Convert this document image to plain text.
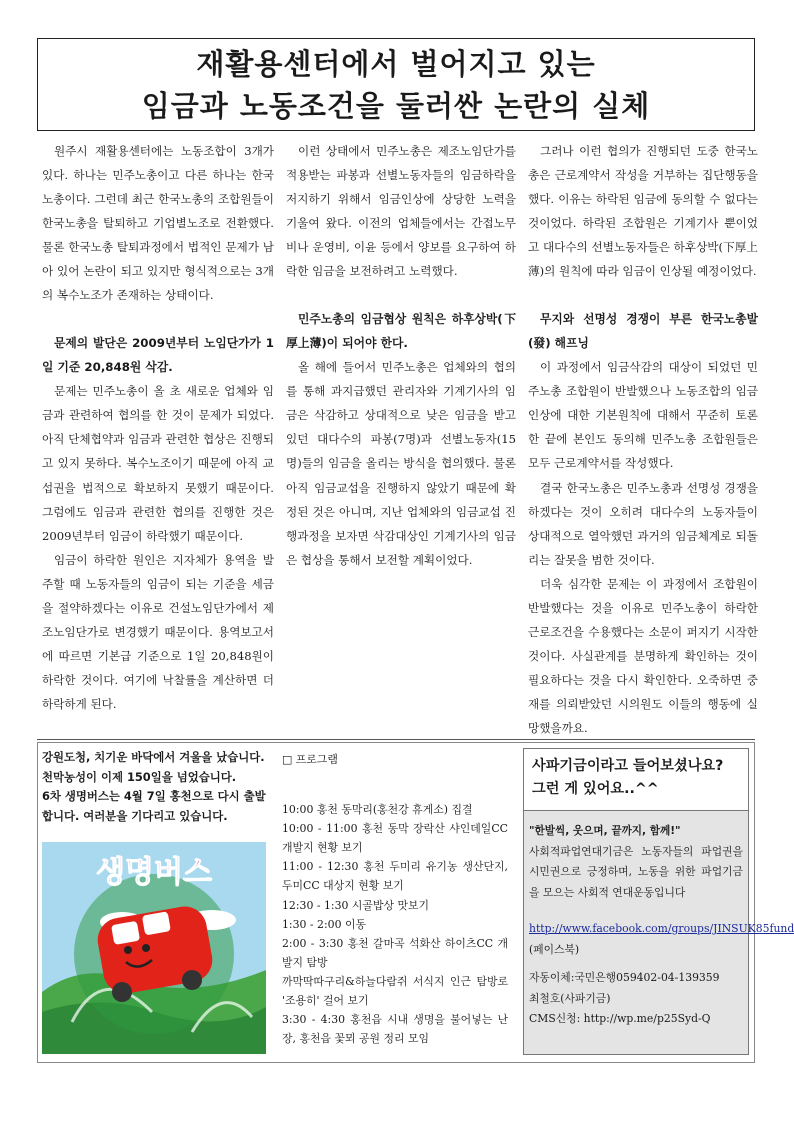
재활용센터에서 벌어지고 있는
임금과 노동조건을 둘러싼 논란의 실체

원주시 재활용센터에는 노동조합이 3개가 있다. 하나는 민주노총이고 다른 하나는 한국노총이다. 그런데 최근 한국노총의 조합원들이 한국노총을 탈퇴하고 기업별노조로 전환했다. 물론 한국노총 탈퇴과정에서 법적인 문제가 남아 있어 논란이 되고 있지만 형식적으로는 3개의 복수노조가 존재하는 상태이다.

문제의 발단은 2009년부터 노임단가가 1일 기준 20,848원 삭감.

문제는 민주노총이 올 초 새로운 업체와 임금과 관련하여 협의를 한 것이 문제가 되었다. 아직 단체협약과 임금과 관련한 협상은 진행되고 있지 못하다. 복수노조이기 때문에 아직 교섭권을 법적으로 확보하지 못했기 때문이다. 그럼에도 임금과 관련한 협의를 진행한 것은 2009년부터 임금이 하락했기 때문이다.

임금이 하락한 원인은 지자체가 용역을 발주할 때 노동자들의 임금이 되는 기준을 세금을 절약하겠다는 이유로 건설노임단가에서 제조노임단가로 변경했기 때문이다. 용역보고서에 따르면 기본급 기준으로 1일 20,848원이 하락한 것이다. 여기에 낙찰률을 계산하면 더 하락하게 된다.

이런 상태에서 민주노총은 제조노임단가를 적용받는 파봉과 선별노동자들의 임금하락을 저지하기 위해서 임금인상에 상당한 노력을 기울여 왔다. 이전의 업체들에서는 간접노무비나 운영비, 이윤 등에서 양보를 요구하여 하락한 임금을 보전하려고 노력했다.

민주노총의 임금협상 원칙은 하후상박(下厚上薄)이 되어야 한다.

올 해에 들어서 민주노총은 업체와의 협의를 통해 과지급했던 관리자와 기계기사의 임금은 삭감하고 상대적으로 낮은 임금을 받고 있던 대다수의 파봉(7명)과 선별노동자(15명)들의 임금을 올리는 방식을 협의했다. 물론 아직 임금교섭을 진행하지 않았기 때문에 확정된 것은 아니며, 지난 업체와의 임금교섭 진행과정을 보자면 삭감대상인 기계기사의 임금은 협상을 통해서 보전할 계획이었다.

그러나 이런 협의가 진행되던 도중 한국노총은 근로계약서 작성을 거부하는 집단행동을 했다. 이유는 하락된 임금에 동의할 수 없다는 것이었다. 하락된 조합원은 기계기사 뿐이었고 대다수의 선별노동자들은 하후상박(下厚上薄)의 원칙에 따라 임금이 인상될 예정이었다.

무지와 선명성 경쟁이 부른 한국노총발(發) 해프닝

이 과정에서 임금삭감의 대상이 되었던 민주노총 조합원이 반발했으나 노동조합의 임금인상에 대한 기본원칙에 대해서 꾸준히 토론 한 끝에 본인도 동의해 민주노총 조합원들은 모두 근로계약서를 작성했다.

결국 한국노총은 민주노총과 선명성 경쟁을 하겠다는 것이 오히려 대다수의 노동자들이 상대적으로 열악했던 과거의 임금체계로 되돌리는 잘못을 범한 것이다.

더욱 심각한 문제는 이 과정에서 조합원이 반발했다는 것을 이유로 민주노총이 하락한 근로조건을 수용했다는 소문이 퍼지기 시작한 것이다. 사실관계를 분명하게 확인하는 것이 필요하다는 것을 다시 확인한다. 오죽하면 중재를 의뢰받았던 시의원도 이들의 행동에 실망했을까요.

강원도청, 치기운 바닥에서 겨울을 났습니다.
천막농성이 이제 150일을 넘었습니다.
6차 생명버스는 4월 7일 홍천으로 다시 출발합니다. 여러분을 기다리고 있습니다.
생명버스
□ 프로그램
10:00 홍천 동막리(홍천강 휴게소) 집결
10:00 - 11:00 홍천 동막 장락산 샤인데일CC 개발지 현황 보기
11:00 - 12:30 홍천 두미리 유기농 생산단지, 두미CC 대상지 현황 보기
12:30 - 1:30 시골밥상 맛보기
1:30 - 2:00 이동
2:00 - 3:30 홍천 갈마곡 석화산 하이츠CC 개발지 탐방
까막딱따구리&하늘다람쥐 서식지 인근 탐방로 '조용히' 걸어 보기
3:30 - 4:30 홍천읍 시내 생명을 불어넣는 난장, 홍천읍 꽃뫼 공원 정리 모임
사파기금이라고 들어보셨나요? 그런 게 있어요..^^
"한발씩, 웃으며, 끝까지, 함께!"
사회적파업연대기금은 노동자들의 파업권을 시민권으로 긍정하며, 노동을 위한 파업기금을 모으는 사회적 연대운동입니다
http://www.facebook.com/groups/JINSUK85fund
(페이스북)
자동이체:국민은행059402-04-139359
최철호(사파기금)
CMS신청: http://wp.me/p25Syd-Q
